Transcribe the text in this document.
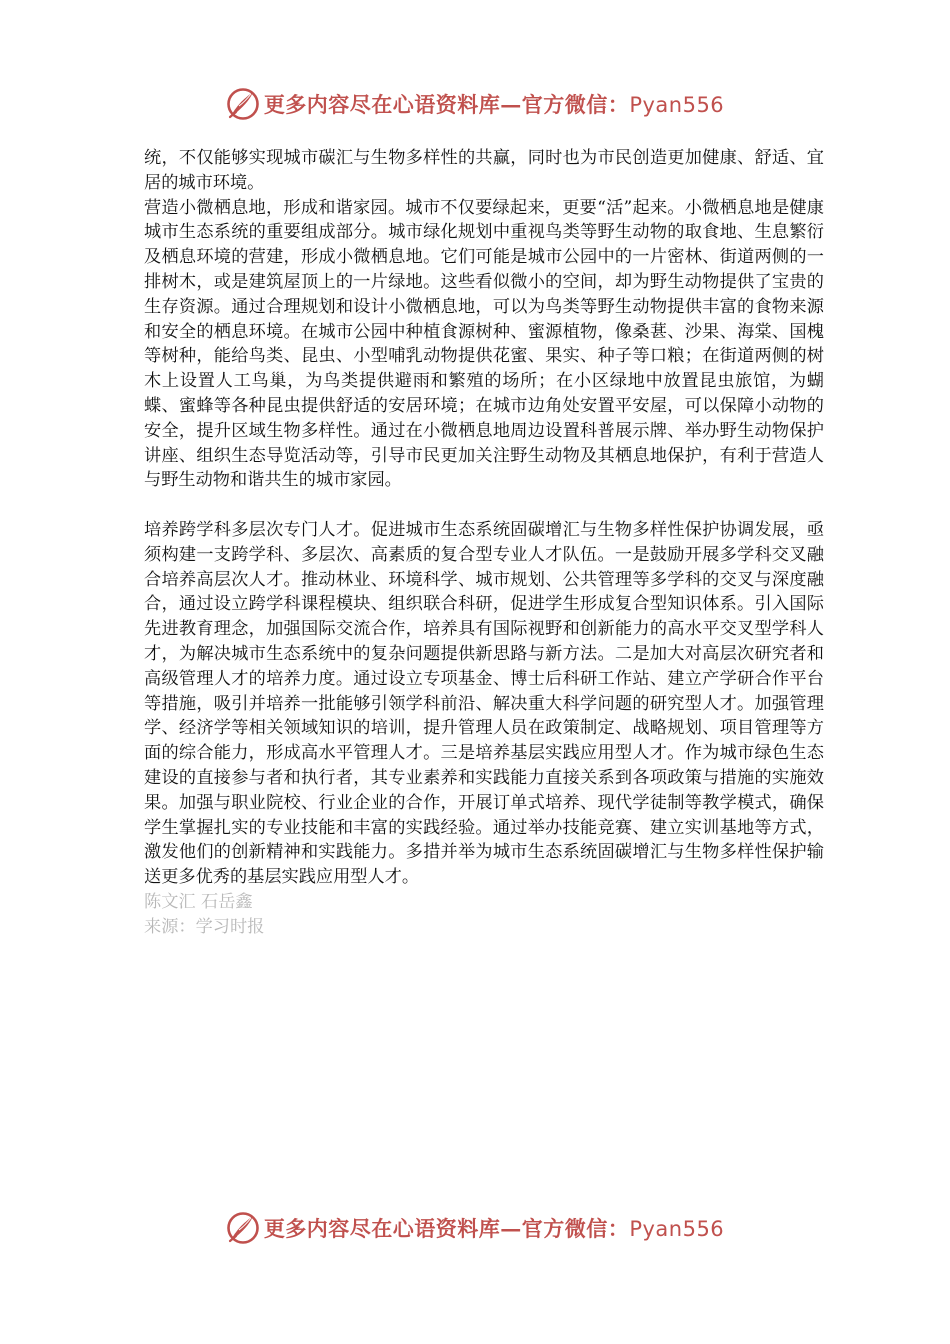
更多内容尽在心语资料库—官方微信：Pyan556

统，不仅能够实现城市碳汇与生物多样性的共赢，同时也为市民创造更加健康、舒适、宜居的城市环境。

营造小微栖息地，形成和谐家园。城市不仅要绿起来，更要“活”起来。小微栖息地是健康城市生态系统的重要组成部分。城市绿化规划中重视鸟类等野生动物的取食地、生息繁衍及栖息环境的营建，形成小微栖息地。它们可能是城市公园中的一片密林、街道两侧的一排树木，或是建筑屋顶上的一片绿地。这些看似微小的空间，却为野生动物提供了宝贵的生存资源。通过合理规划和设计小微栖息地，可以为鸟类等野生动物提供丰富的食物来源和安全的栖息环境。在城市公园中种植食源树种、蜜源植物，像桑葚、沙果、海棠、国槐等树种，能给鸟类、昆虫、小型哺乳动物提供花蜜、果实、种子等口粮；在街道两侧的树木上设置人工鸟巢，为鸟类提供避雨和繁殖的场所；在小区绿地中放置昆虫旅馆，为蝴蝶、蜜蜂等各种昆虫提供舒适的安居环境；在城市边角处安置平安屋，可以保障小动物的安全，提升区域生物多样性。通过在小微栖息地周边设置科普展示牌、举办野生动物保护讲座、组织生态导览活动等，引导市民更加关注野生动物及其栖息地保护，有利于营造人与野生动物和谐共生的城市家园。

培养跨学科多层次专门人才。促进城市生态系统固碳增汇与生物多样性保护协调发展，亟须构建一支跨学科、多层次、高素质的复合型专业人才队伍。一是鼓励开展多学科交叉融合培养高层次人才。推动林业、环境科学、城市规划、公共管理等多学科的交叉与深度融合，通过设立跨学科课程模块、组织联合科研，促进学生形成复合型知识体系。引入国际先进教育理念，加强国际交流合作，培养具有国际视野和创新能力的高水平交叉型学科人才，为解决城市生态系统中的复杂问题提供新思路与新方法。二是加大对高层次研究者和高级管理人才的培养力度。通过设立专项基金、博士后科研工作站、建立产学研合作平台等措施，吸引并培养一批能够引领学科前沿、解决重大科学问题的研究型人才。加强管理学、经济学等相关领域知识的培训，提升管理人员在政策制定、战略规划、项目管理等方面的综合能力，形成高水平管理人才。三是培养基层实践应用型人才。作为城市绿色生态建设的直接参与者和执行者，其专业素养和实践能力直接关系到各项政策与措施的实施效果。加强与职业院校、行业企业的合作，开展订单式培养、现代学徒制等教学模式，确保学生掌握扎实的专业技能和丰富的实践经验。通过举办技能竞赛、建立实训基地等方式，激发他们的创新精神和实践能力。多措并举为城市生态系统固碳增汇与生物多样性保护输送更多优秀的基层实践应用型人才。

陈文汇 石岳鑫

来源：学习时报

更多内容尽在心语资料库—官方微信：Pyan556
